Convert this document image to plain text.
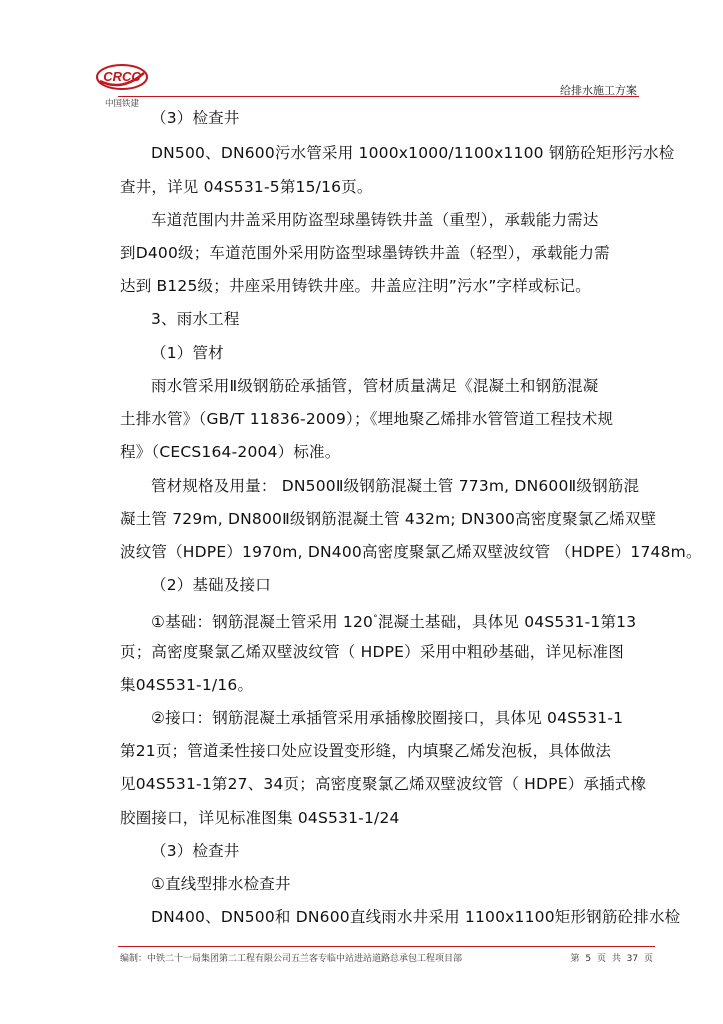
CRCC
中国铁建
给排水施工方案
（3）检查井
DN500、DN600污水管采用 1000x1000/1100x1100 钢筋砼矩形污水检
查井，详见 04S531-5第15/16页。
车道范围内井盖采用防盗型球墨铸铁井盖（重型），承载能力需达
到D400级；车道范围外采用防盗型球墨铸铁井盖（轻型），承载能力需
达到 B125级；井座采用铸铁井座。井盖应注明”污水”字样或标记。
3、雨水工程
（1）管材
雨水管采用Ⅱ级钢筋砼承插管，管材质量满足《混凝土和钢筋混凝
土排水管》（GB/T 11836-2009）；《埋地聚乙烯排水管管道工程技术规
程》（CECS164-2004）标准。
管材规格及用量： DN500Ⅱ级钢筋混凝土管 773m, DN600Ⅱ级钢筋混
凝土管 729m, DN800Ⅱ级钢筋混凝土管 432m; DN300高密度聚氯乙烯双壁
波纹管（HDPE）1970m, DN400高密度聚氯乙烯双壁波纹管 （HDPE）1748m。
（2）基础及接口
①基础：钢筋混凝土管采用 120°混凝土基础，具体见 04S531-1第13
页；高密度聚氯乙烯双壁波纹管（ HDPE）采用中粗砂基础，详见标准图
集04S531-1/16。
②接口：钢筋混凝土承插管采用承插橡胶圈接口，具体见 04S531-1
第21页；管道柔性接口处应设置变形缝，内填聚乙烯发泡板，具体做法
见04S531-1第27、34页；高密度聚氯乙烯双壁波纹管（ HDPE）承插式橡
胶圈接口，详见标准图集 04S531-1/24
（3）检查井
①直线型排水检查井
DN400、DN500和 DN600直线雨水井采用 1100x1100矩形钢筋砼排水检
编制：中铁二十一局集团第二工程有限公司五兰客专临中站进站道路总承包工程项目部	第 5 页 共 37 页
